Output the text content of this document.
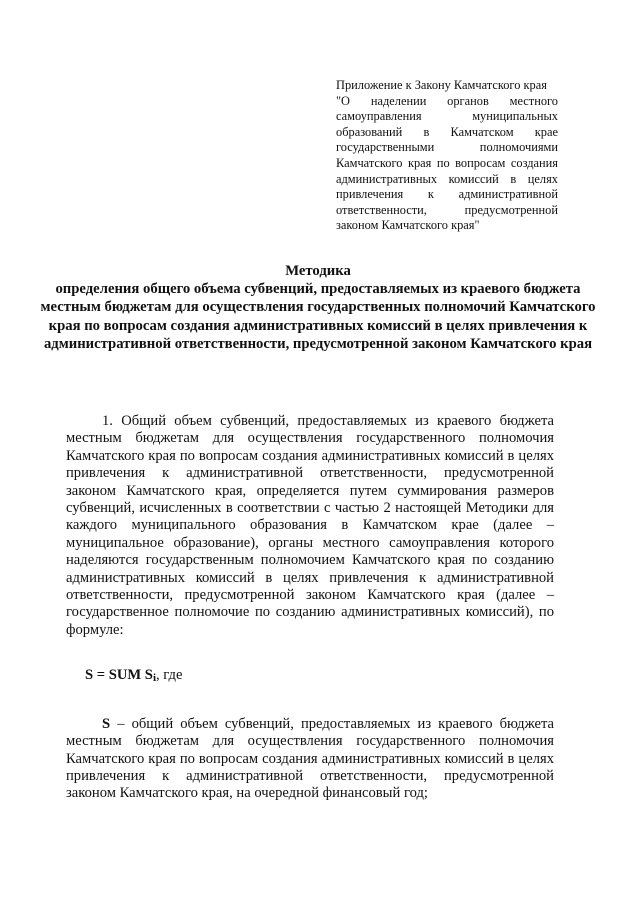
Приложение к Закону Камчатского края
"О наделении органов местного самоуправления муниципальных образований в Камчатском крае государственными полномочиями Камчатского края по вопросам создания административных комиссий в целях привлечения к административной ответственности, предусмотренной законом Камчатского края"
Методика
определения общего объема субвенций, предоставляемых из краевого бюджета местным бюджетам для осуществления государственных полномочий Камчатского края по вопросам создания административных комиссий в целях привлечения к административной ответственности, предусмотренной законом Камчатского края

1. Общий объем субвенций, предоставляемых из краевого бюджета местным бюджетам для осуществления государственного полномочия Камчатского края по вопросам создания административных комиссий в целях привлечения к административной ответственности, предусмотренной законом Камчатского края, определяется путем суммирования размеров субвенций, исчисленных в соответствии с частью 2 настоящей Методики для каждого муниципального образования в Камчатском крае (далее – муниципальное образование), органы местного самоуправления которого наделяются государственным полномочием Камчатского края по созданию административных комиссий в целях привлечения к административной ответственности, предусмотренной законом Камчатского края (далее – государственное полномочие по созданию административных комиссий), по формуле:

S = SUM Si, где

S – общий объем субвенций, предоставляемых из краевого бюджета местным бюджетам для осуществления государственного полномочия Камчатского края по вопросам создания административных комиссий в целях привлечения к административной ответственности, предусмотренной законом Камчатского края, на очередной финансовый год;
